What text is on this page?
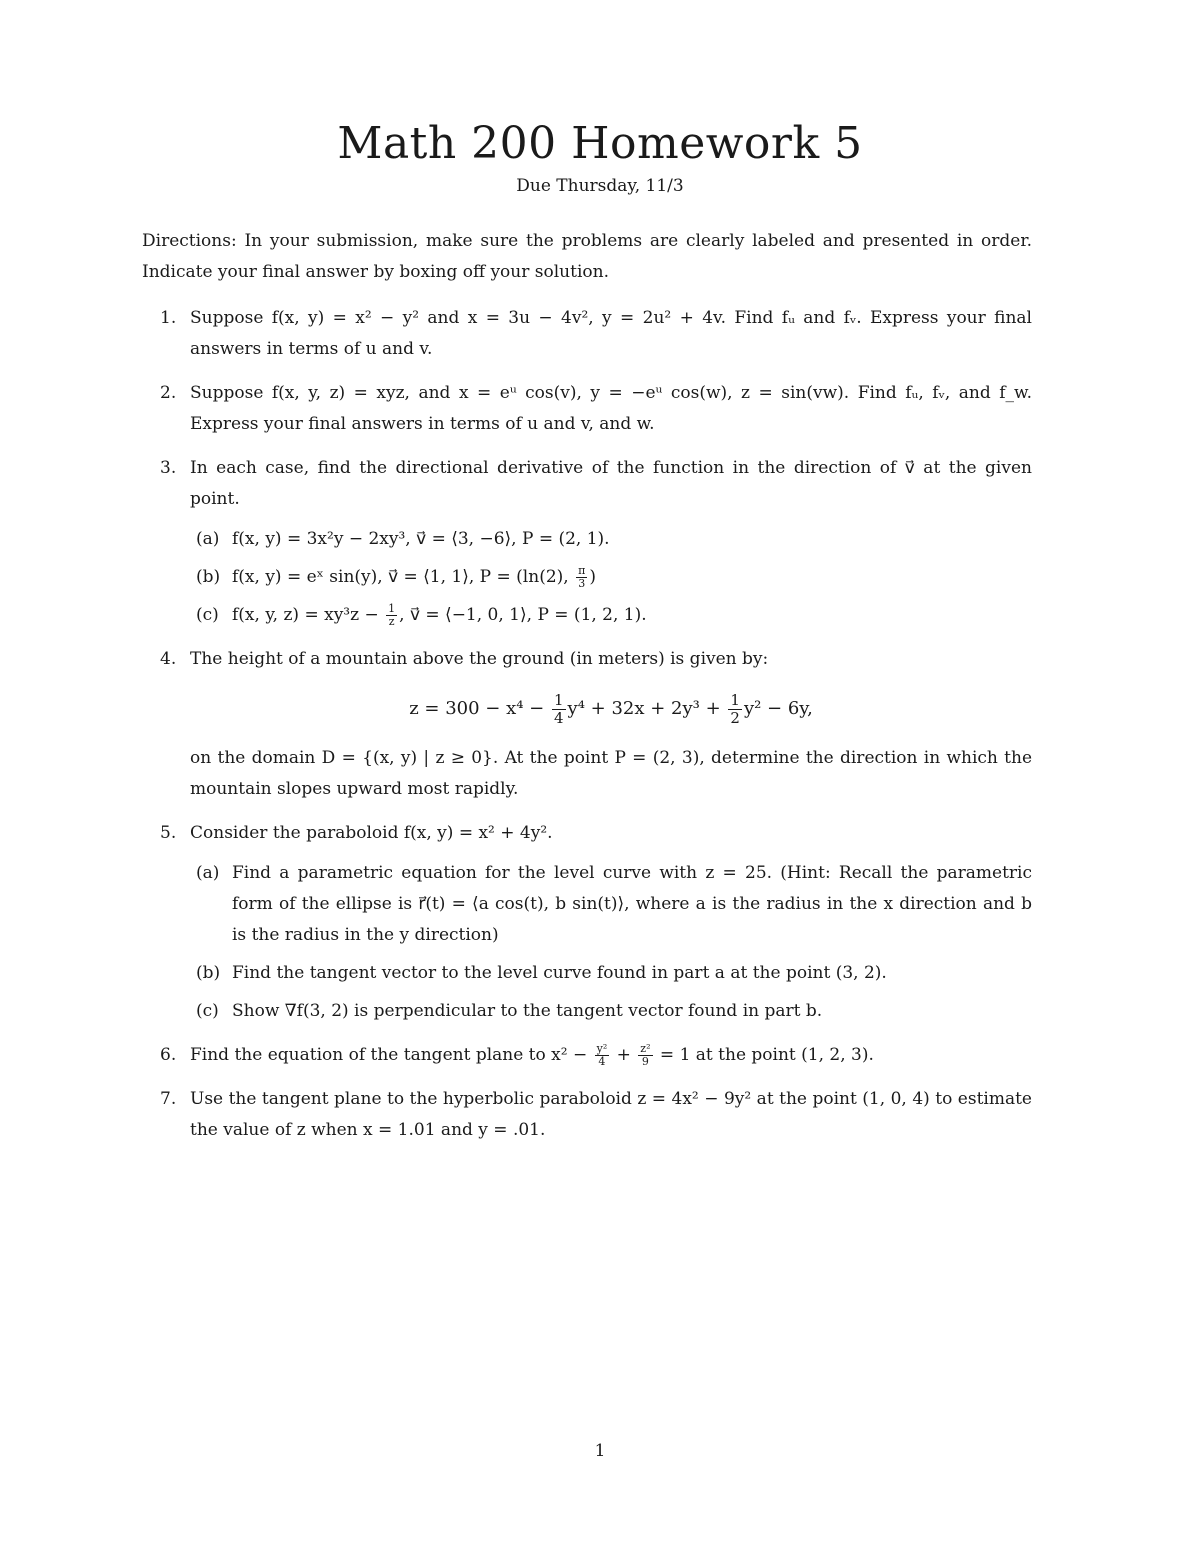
Math 200 Homework 5
Due Thursday, 11/3
Directions: In your submission, make sure the problems are clearly labeled and presented in order. Indicate your final answer by boxing off your solution.
1. Suppose f(x, y) = x² − y² and x = 3u − 4v², y = 2u² + 4v. Find fᵤ and fᵥ. Express your final answers in terms of u and v.
2. Suppose f(x, y, z) = xyz, and x = eᵘ cos(v), y = −eᵘ cos(w), z = sin(vw). Find fᵤ, fᵥ, and f_w. Express your final answers in terms of u and v, and w.
3. In each case, find the directional derivative of the function in the direction of v⃗ at the given point.
(a) f(x, y) = 3x²y − 2xy³, v⃗ = ⟨3, −6⟩, P = (2, 1).
(b) f(x, y) = eˣ sin(y), v⃗ = ⟨1, 1⟩, P = (ln(2), $\frac{\pi}{3}$ )
(c) f(x, y, $z) = xy^3z - \frac{1}{z}$ , v⃗ = ⟨−1, 0, 1⟩, P = (1, 2, 1).
4. The height of a mountain above the ground (in meters) is given by:
$z = 300 - x^4 - \frac{1}{4} y^4 + 32x + 2y^3 + \frac{1}{2} y^2 - 6y$,
on the domain D = {(x, y) | z ≥ 0}. At the point P = (2, 3), determine the direction in which the mountain slopes upward most rapidly.
5. Consider the paraboloid f(x, y) = x² + 4y².
(a) Find a parametric equation for the level curve with z = 25. (Hint: Recall the parametric form of the ellipse is r⃗(t) = ⟨a cos(t), b sin(t)⟩, where a is the radius in the x direction and b is the radius in the y direction)
(b) Find the tangent vector to the level curve found in part a at the point (3, 2).
(c) Show ∇f(3, 2) is perpendicular to the tangent vector found in part b.
6. Find the equation of the tangent plane to $x^2 - \frac{\text{y²}}{4} + \frac{\text{z²}}{9} = 1$ at the point (1, 2, 3).
7. Use the tangent plane to the hyperbolic paraboloid z = 4x² − 9y² at the point (1, 0, 4) to estimate the value of z when x = 1.01 and y = .01.
1
